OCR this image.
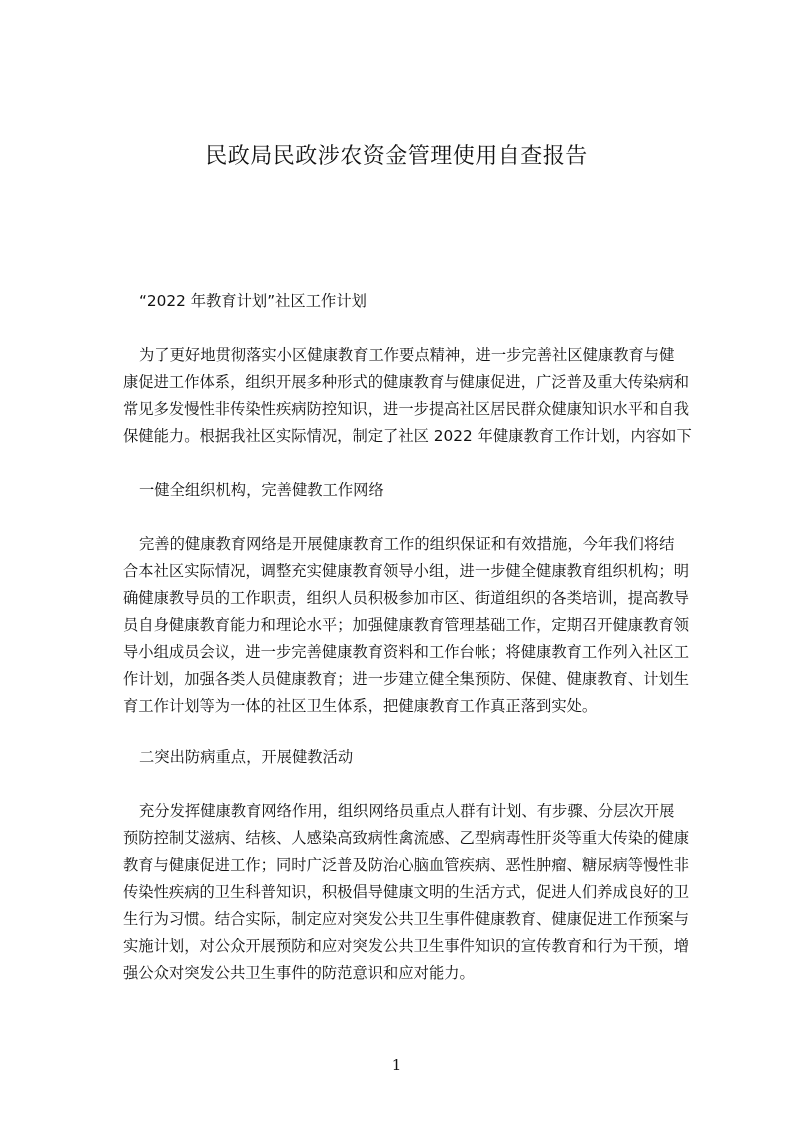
民政局民政涉农资金管理使用自查报告
“2022 年教育计划”社区工作计划
为了更好地贯彻落实小区健康教育工作要点精神，进一步完善社区健康教育与健
康促进工作体系，组织开展多种形式的健康教育与健康促进，广泛普及重大传染病和
常见多发慢性非传染性疾病防控知识，进一步提高社区居民群众健康知识水平和自我
保健能力。根据我社区实际情况，制定了社区 2022 年健康教育工作计划，内容如下
一健全组织机构，完善健教工作网络
完善的健康教育网络是开展健康教育工作的组织保证和有效措施，今年我们将结
合本社区实际情况，调整充实健康教育领导小组，进一步健全健康教育组织机构；明
确健康教导员的工作职责，组织人员积极参加市区、街道组织的各类培训，提高教导
员自身健康教育能力和理论水平；加强健康教育管理基础工作，定期召开健康教育领
导小组成员会议，进一步完善健康教育资料和工作台帐；将健康教育工作列入社区工
作计划，加强各类人员健康教育；进一步建立健全集预防、保健、健康教育、计划生
育工作计划等为一体的社区卫生体系，把健康教育工作真正落到实处。
二突出防病重点，开展健教活动
充分发挥健康教育网络作用，组织网络员重点人群有计划、有步骤、分层次开展
预防控制艾滋病、结核、人感染高致病性禽流感、乙型病毒性肝炎等重大传染的健康
教育与健康促进工作；同时广泛普及防治心脑血管疾病、恶性肿瘤、糖尿病等慢性非
传染性疾病的卫生科普知识，积极倡导健康文明的生活方式，促进人们养成良好的卫
生行为习惯。结合实际，制定应对突发公共卫生事件健康教育、健康促进工作预案与
实施计划，对公众开展预防和应对突发公共卫生事件知识的宣传教育和行为干预，增
强公众对突发公共卫生事件的防范意识和应对能力。
1
